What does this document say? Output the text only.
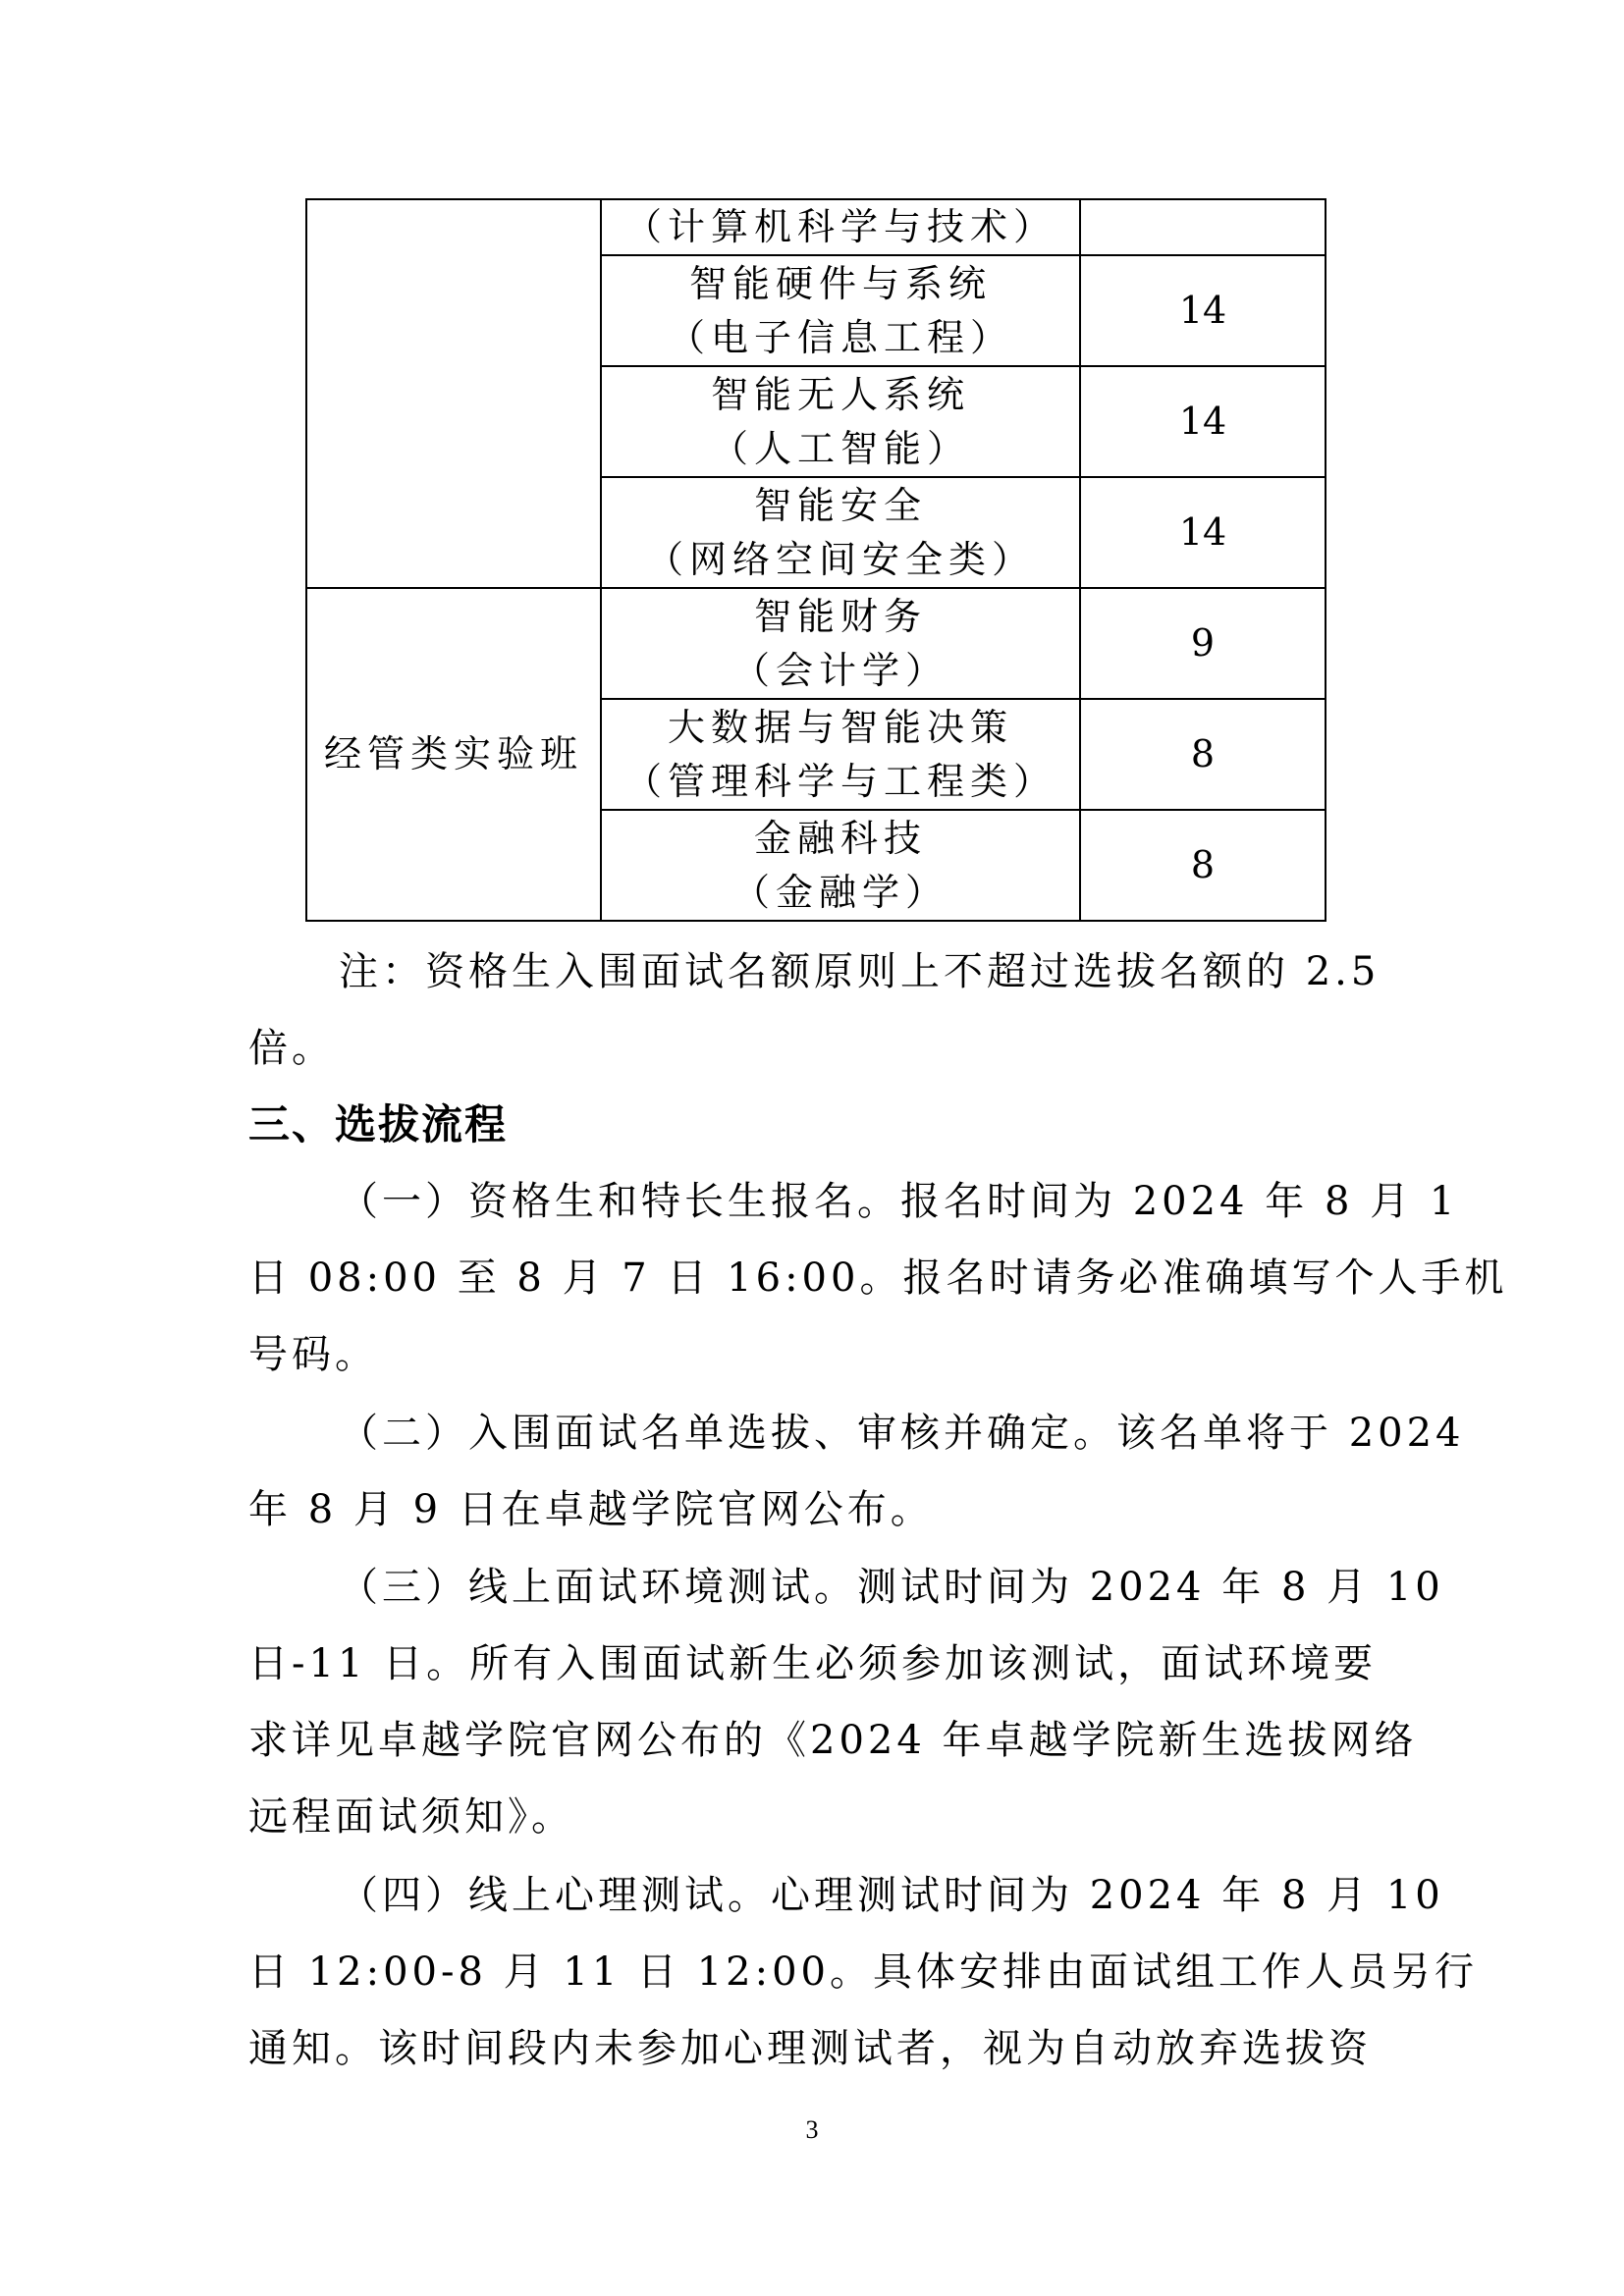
	（计算机科学与技术）	

	智能硬件与系统
（电子信息工程）	14

	智能无人系统
（人工智能）	14

	智能安全
（网络空间安全类）	14
经管类实验班	智能财务
（会计学）	9

	大数据与智能决策
（管理科学与工程类）	8

	金融科技
（金融学）	8
注：资格生入围面试名额原则上不超过选拔名额的 2.5
倍。
三、选拔流程
（一）资格生和特长生报名。报名时间为 2024 年 8 月 1
日 08:00 至 8 月 7 日 16:00。报名时请务必准确填写个人手机
号码。
（二）入围面试名单选拔、审核并确定。该名单将于 2024
年 8 月 9 日在卓越学院官网公布。
（三）线上面试环境测试。测试时间为 2024 年 8 月 10
日-11 日。所有入围面试新生必须参加该测试，面试环境要
求详见卓越学院官网公布的《2024 年卓越学院新生选拔网络
远程面试须知》。
（四）线上心理测试。心理测试时间为 2024 年 8 月 10
日 12:00-8 月 11 日 12:00。具体安排由面试组工作人员另行
通知。该时间段内未参加心理测试者，视为自动放弃选拔资
3
